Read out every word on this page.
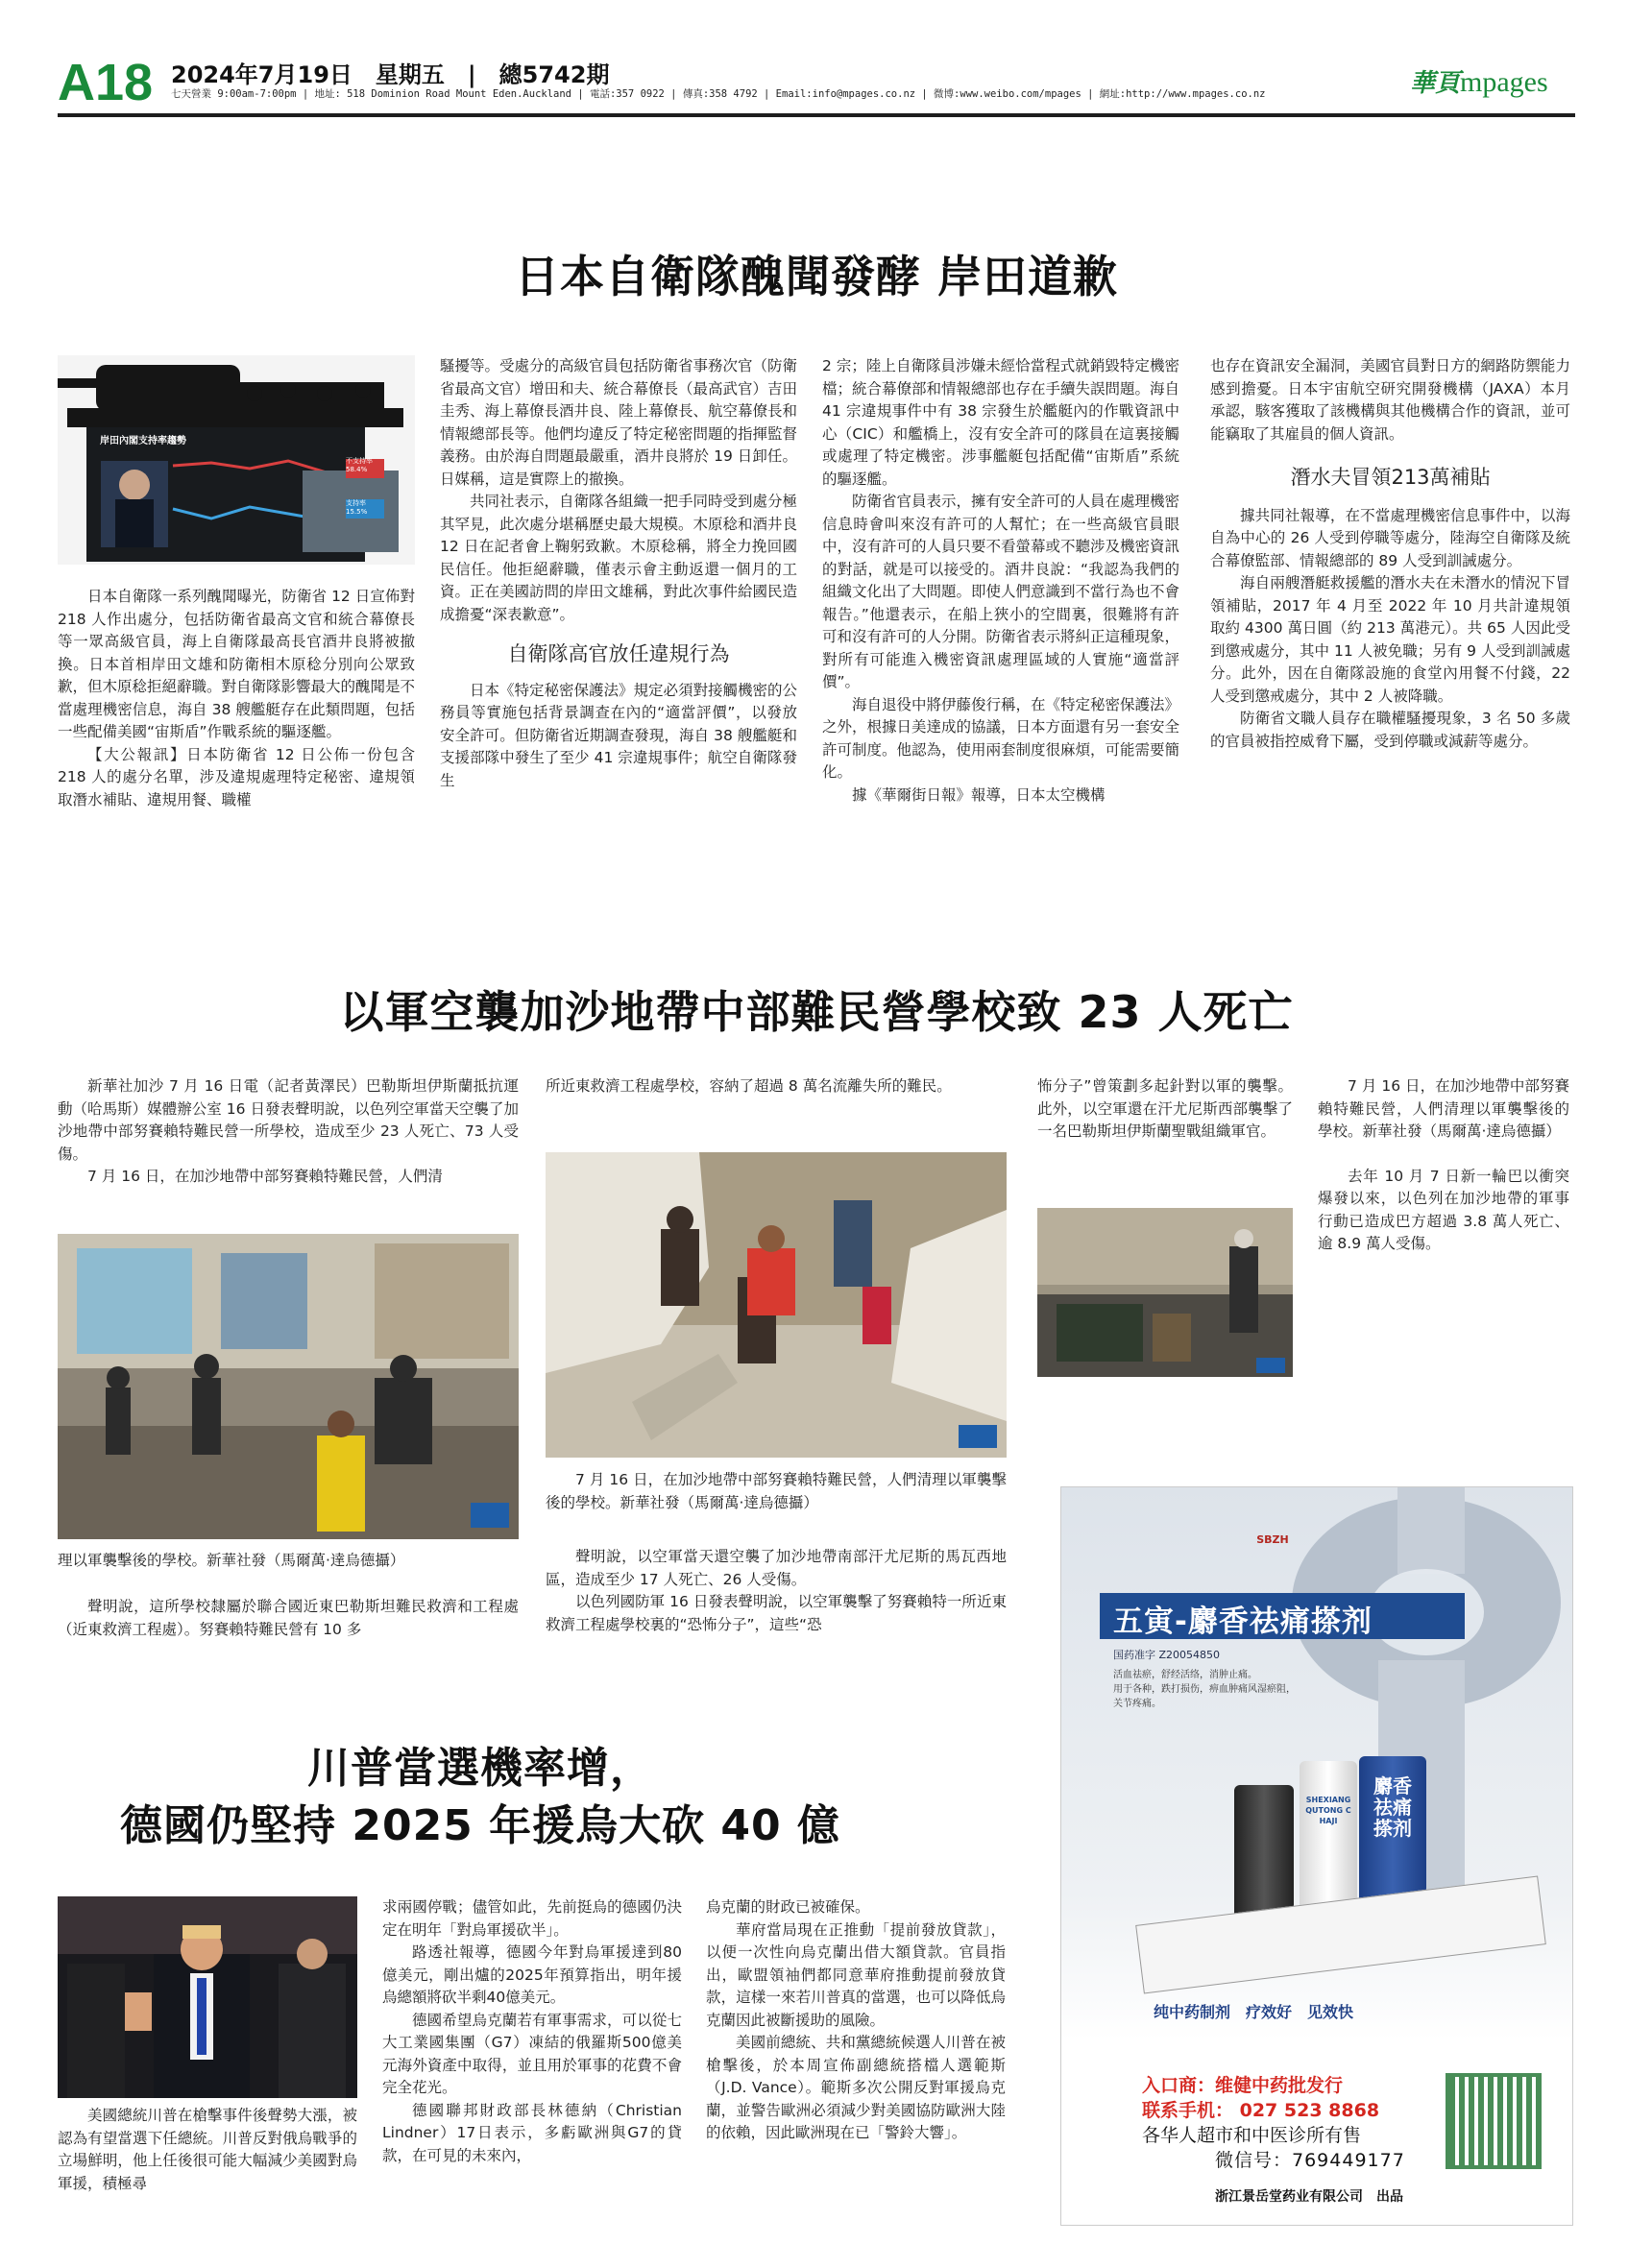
A18 2024年7月19日　星期五　|　總5742期
七天營業 9:00am-7:00pm | 地址: 518 Dominion Road Mount Eden.Auckland | 電話:357 0922 | 傳真:358 4792 | Email:info@mpages.co.nz | 微博:www.weibo.com/mpages | 網址:http://www.mpages.co.nz	華頁mpages
日本自衛隊醜聞發酵 岸田道歉
岸田內閣支持率趨勢
不支持率 58.4%
支持率 15.5%

日本自衛隊一系列醜聞曝光，防衛省 12 日宣佈對 218 人作出處分，包括防衛省最高文官和統合幕僚長等一眾高級官員，海上自衛隊最高長官酒井良將被撤換。日本首相岸田文雄和防衛相木原稔分別向公眾致歉，但木原稔拒絕辭職。對自衛隊影響最大的醜聞是不當處理機密信息，海自 38 艘艦艇存在此類問題，包括一些配備美國“宙斯盾”作戰系統的驅逐艦。

【大公報訊】日本防衛省 12 日公佈一份包含 218 人的處分名單，涉及違規處理特定秘密、違規領取潛水補貼、違規用餐、職權

騷擾等。受處分的高級官員包括防衛省事務次官（防衛省最高文官）增田和夫、統合幕僚長（最高武官）吉田圭秀、海上幕僚長酒井良、陸上幕僚長、航空幕僚長和情報總部長等。他們均違反了特定秘密問題的指揮監督義務。由於海自問題最嚴重，酒井良將於 19 日卸任。日媒稱，這是實際上的撤換。

共同社表示，自衛隊各組織一把手同時受到處分極其罕見，此次處分堪稱歷史最大規模。木原稔和酒井良 12 日在記者會上鞠躬致歉。木原稔稱，將全力挽回國民信任。他拒絕辭職，僅表示會主動返還一個月的工資。正在美國訪問的岸田文雄稱，對此次事件給國民造成擔憂“深表歉意”。

自衛隊高官放任違規行為

日本《特定秘密保護法》規定必須對接觸機密的公務員等實施包括背景調查在內的“適當評價”，以發放安全許可。但防衛省近期調查發現，海自 38 艘艦艇和支援部隊中發生了至少 41 宗違規事件；航空自衛隊發生

2 宗；陸上自衛隊員涉嫌未經恰當程式就銷毀特定機密檔；統合幕僚部和情報總部也存在手續失誤問題。海自 41 宗違規事件中有 38 宗發生於艦艇內的作戰資訊中心（CIC）和艦橋上，沒有安全許可的隊員在這裏接觸或處理了特定機密。涉事艦艇包括配備“宙斯盾”系統的驅逐艦。

防衛省官員表示，擁有安全許可的人員在處理機密信息時會叫來沒有許可的人幫忙；在一些高級官員眼中，沒有許可的人員只要不看螢幕或不聽涉及機密資訊的對話，就是可以接受的。酒井良說：“我認為我們的組織文化出了大問題。即使人們意識到不當行為也不會報告。”他還表示，在船上狹小的空間裏，很難將有許可和沒有許可的人分開。防衛省表示將糾正這種現象，對所有可能進入機密資訊處理區域的人實施“適當評價”。

海自退役中將伊藤俊行稱，在《特定秘密保護法》之外，根據日美達成的協議，日本方面還有另一套安全許可制度。他認為，使用兩套制度很麻煩，可能需要簡化。

據《華爾街日報》報導，日本太空機構

也存在資訊安全漏洞，美國官員對日方的網路防禦能力感到擔憂。日本宇宙航空研究開發機構（JAXA）本月承認，駭客獲取了該機構與其他機構合作的資訊，並可能竊取了其雇員的個人資訊。

潛水夫冒領213萬補貼

據共同社報導，在不當處理機密信息事件中，以海自為中心的 26 人受到停職等處分，陸海空自衛隊及統合幕僚監部、情報總部的 89 人受到訓誡處分。

海自兩艘潛艇救援艦的潛水夫在未潛水的情況下冒領補貼，2017 年 4 月至 2022 年 10 月共計違規領取約 4300 萬日圓（約 213 萬港元）。共 65 人因此受到懲戒處分，其中 11 人被免職；另有 9 人受到訓誡處分。此外，因在自衛隊設施的食堂內用餐不付錢，22 人受到懲戒處分，其中 2 人被降職。

防衛省文職人員存在職權騷擾現象，3 名 50 多歲的官員被指控威脅下屬，受到停職或減薪等處分。

以軍空襲加沙地帶中部難民營學校致 23 人死亡

新華社加沙 7 月 16 日電（記者黃澤民）巴勒斯坦伊斯蘭抵抗運動（哈馬斯）媒體辦公室 16 日發表聲明說，以色列空軍當天空襲了加沙地帶中部努賽賴特難民營一所學校，造成至少 23 人死亡、73 人受傷。

7 月 16 日，在加沙地帶中部努賽賴特難民營，人們清

理以軍襲擊後的學校。新華社發（馬爾萬·達烏德攝）

聲明說，這所學校隸屬於聯合國近東巴勒斯坦難民救濟和工程處（近東救濟工程處）。努賽賴特難民營有 10 多

所近東救濟工程處學校，容納了超過 8 萬名流離失所的難民。

7 月 16 日，在加沙地帶中部努賽賴特難民營，人們清理以軍襲擊後的學校。新華社發（馬爾萬·達烏德攝）

聲明說，以空軍當天還空襲了加沙地帶南部汗尤尼斯的馬瓦西地區，造成至少 17 人死亡、26 人受傷。

以色列國防軍 16 日發表聲明說，以空軍襲擊了努賽賴特一所近東救濟工程處學校裏的“恐怖分子”，這些“恐

怖分子”曾策劃多起針對以軍的襲擊。此外，以空軍還在汗尤尼斯西部襲擊了一名巴勒斯坦伊斯蘭聖戰組織軍官。

7 月 16 日，在加沙地帶中部努賽賴特難民營，人們清理以軍襲擊後的學校。新華社發（馬爾萬·達烏德攝）

去年 10 月 7 日新一輪巴以衝突爆發以來，以色列在加沙地帶的軍事行動已造成巴方超過 3.8 萬人死亡、逾 8.9 萬人受傷。

川普當選機率增，
德國仍堅持 2025 年援烏大砍 40 億

美國總統川普在槍擊事件後聲勢大漲，被認為有望當選下任總統。川普反對俄烏戰爭的立場鮮明，他上任後很可能大幅減少美國對烏軍援，積極尋

求兩國停戰；儘管如此，先前挺烏的德國仍決定在明年「對烏軍援砍半」。

路透社報導，德國今年對烏軍援達到80億美元，剛出爐的2025年預算指出，明年援烏總額將砍半剩40億美元。

德國希望烏克蘭若有軍事需求，可以從七大工業國集團（G7）凍結的俄羅斯500億美元海外資產中取得，並且用於軍事的花費不會完全花光。

德國聯邦財政部長林德納（Christian Lindner）17日表示，多虧歐洲與G7的貸款，在可見的未來內，

烏克蘭的財政已被確保。

華府當局現在正推動「提前發放貸款」，以便一次性向烏克蘭出借大額貸款。官員指出，歐盟領袖們都同意華府推動提前發放貸款，這樣一來若川普真的當選，也可以降低烏克蘭因此被斷援助的風險。

美國前總統、共和黨總統候選人川普在被槍擊後，於本周宣佈副總統搭檔人選範斯（J.D. Vance）。範斯多次公開反對軍援烏克蘭，並警告歐洲必須減少對美國協防歐洲大陸的依賴，因此歐洲現在已「警鈴大響」。

SBZH
五寅-麝香祛痛搽剂
国药准字 Z20054850
活血祛瘀，舒经活络，消肿止痛。
用于各种，跌打损伤，痹血肿痛风湿瘀阻，
关节疼痛。
麝香祛痛搽剂
SHEXIANG QUTONG CHAJI
纯中药制剂　疗效好　见效快
入口商：维健中药批发行
联系手机： 027 523 8868
各华人超市和中医诊所有售
微信号：769449177
浙江景岳堂药业有限公司　出品
